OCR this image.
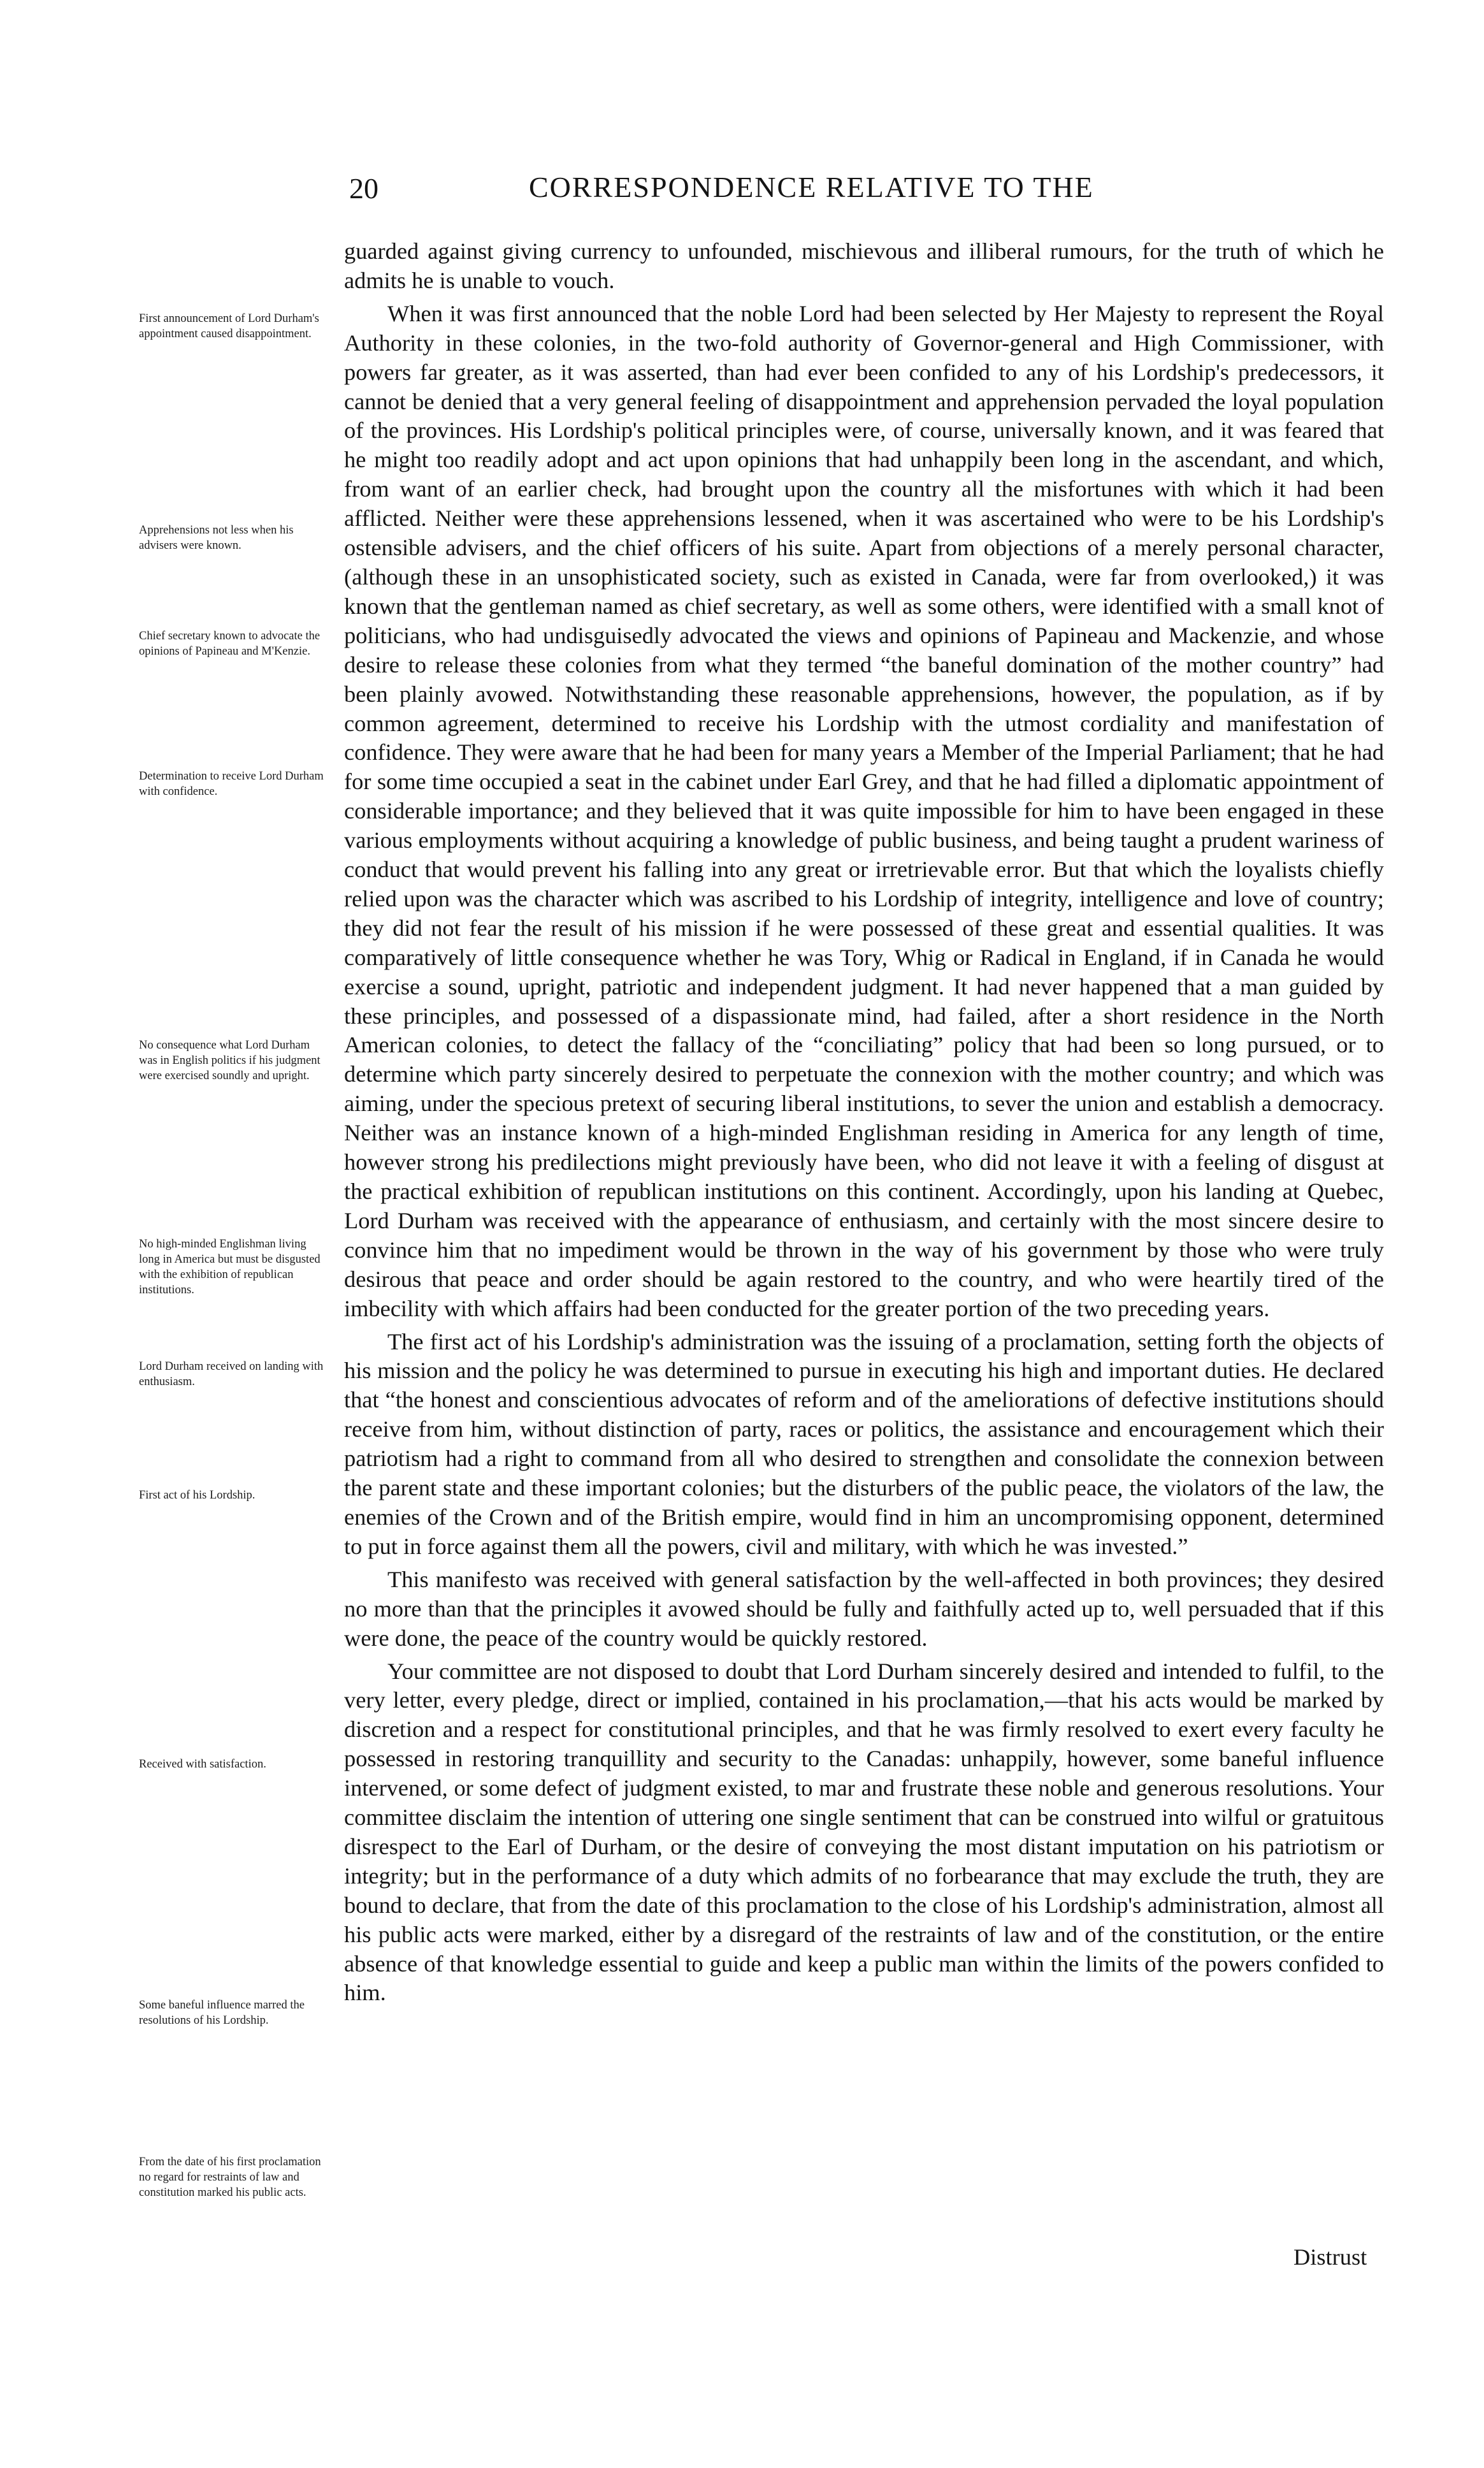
20	CORRESPONDENCE RELATIVE TO THE

guarded against giving currency to unfounded, mischievous and illiberal rumours, for the truth of which he admits he is unable to vouch.

When it was first announced that the noble Lord had been selected by Her Majesty to represent the Royal Authority in these colonies, in the two-fold authority of Governor-general and High Commissioner, with powers far greater, as it was asserted, than had ever been confided to any of his Lordship's predecessors, it cannot be denied that a very general feeling of disappointment and apprehension pervaded the loyal population of the provinces. His Lordship's political principles were, of course, universally known, and it was feared that he might too readily adopt and act upon opinions that had unhappily been long in the ascendant, and which, from want of an earlier check, had brought upon the country all the misfortunes with which it had been afflicted. Neither were these apprehensions lessened, when it was ascertained who were to be his Lordship's ostensible advisers, and the chief officers of his suite. Apart from objections of a merely personal character, (although these in an unsophisticated society, such as existed in Canada, were far from overlooked,) it was known that the gentleman named as chief secretary, as well as some others, were identified with a small knot of politicians, who had undisguisedly advocated the views and opinions of Papineau and Mackenzie, and whose desire to release these colonies from what they termed “the baneful domination of the mother country” had been plainly avowed. Notwithstanding these reasonable apprehensions, however, the population, as if by common agreement, determined to receive his Lordship with the utmost cordiality and manifestation of confidence. They were aware that he had been for many years a Member of the Imperial Parliament; that he had for some time occupied a seat in the cabinet under Earl Grey, and that he had filled a diplomatic appointment of considerable importance; and they believed that it was quite impossible for him to have been engaged in these various employments without acquiring a knowledge of public business, and being taught a prudent wariness of conduct that would prevent his falling into any great or irretrievable error. But that which the loyalists chiefly relied upon was the character which was ascribed to his Lordship of integrity, intelligence and love of country; they did not fear the result of his mission if he were possessed of these great and essential qualities. It was comparatively of little consequence whether he was Tory, Whig or Radical in England, if in Canada he would exercise a sound, upright, patriotic and independent judgment. It had never happened that a man guided by these principles, and possessed of a dispassionate mind, had failed, after a short residence in the North American colonies, to detect the fallacy of the “conciliating” policy that had been so long pursued, or to determine which party sincerely desired to perpetuate the connexion with the mother country; and which was aiming, under the specious pretext of securing liberal institutions, to sever the union and establish a democracy. Neither was an instance known of a high-minded Englishman residing in America for any length of time, however strong his predilections might previously have been, who did not leave it with a feeling of disgust at the practical exhibition of republican institutions on this continent. Accordingly, upon his landing at Quebec, Lord Durham was received with the appearance of enthusiasm, and certainly with the most sincere desire to convince him that no impediment would be thrown in the way of his government by those who were truly desirous that peace and order should be again restored to the country, and who were heartily tired of the imbecility with which affairs had been conducted for the greater portion of the two preceding years.

The first act of his Lordship's administration was the issuing of a proclamation, setting forth the objects of his mission and the policy he was determined to pursue in executing his high and important duties. He declared that “the honest and conscientious advocates of reform and of the ameliorations of defective institutions should receive from him, without distinction of party, races or politics, the assistance and encouragement which their patriotism had a right to command from all who desired to strengthen and consolidate the connexion between the parent state and these important colonies; but the disturbers of the public peace, the violators of the law, the enemies of the Crown and of the British empire, would find in him an uncompromising opponent, determined to put in force against them all the powers, civil and military, with which he was invested.”

This manifesto was received with general satisfaction by the well-affected in both provinces; they desired no more than that the principles it avowed should be fully and faithfully acted up to, well persuaded that if this were done, the peace of the country would be quickly restored.

Your committee are not disposed to doubt that Lord Durham sincerely desired and intended to fulfil, to the very letter, every pledge, direct or implied, contained in his proclamation,—that his acts would be marked by discretion and a respect for constitutional principles, and that he was firmly resolved to exert every faculty he possessed in restoring tranquillity and security to the Canadas: unhappily, however, some baneful influence intervened, or some defect of judgment existed, to mar and frustrate these noble and generous resolutions. Your committee disclaim the intention of uttering one single sentiment that can be construed into wilful or gratuitous disrespect to the Earl of Durham, or the desire of conveying the most distant imputation on his patriotism or integrity; but in the performance of a duty which admits of no forbearance that may exclude the truth, they are bound to declare, that from the date of this proclamation to the close of his Lordship's administration, almost all his public acts were marked, either by a disregard of the restraints of law and of the constitution, or the entire absence of that knowledge essential to guide and keep a public man within the limits of the powers confided to him.

First announcement of Lord Durham's appointment caused disappointment.
Apprehensions not less when his advisers were known.
Chief secretary known to advocate the opinions of Papineau and M'Kenzie.
Determination to receive Lord Durham with confidence.
No consequence what Lord Durham was in English politics if his judgment were exercised soundly and upright.
No high-minded Englishman living long in America but must be disgusted with the exhibition of republican institutions.
Lord Durham received on landing with enthusiasm.
First act of his Lordship.
Received with satisfaction.
Some baneful influence marred the resolutions of his Lordship.
From the date of his first proclamation no regard for restraints of law and constitution marked his public acts.
Distrust
